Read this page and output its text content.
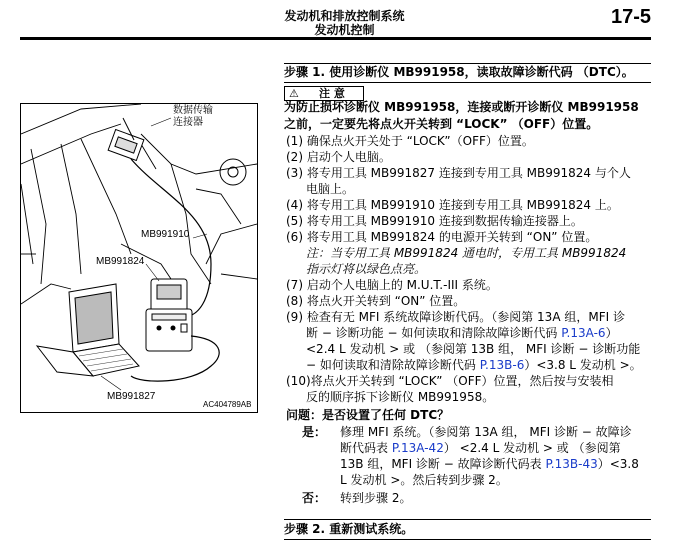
发动机和排放控制系统
发动机控制
17-5
数据传输
连接器
MB991910
MB991824
MB991827
AC404789AB
步骤 1. 使用诊断仪 MB991958，读取故障诊断代码 （DTC）。
⚠ 注 意
为防止损坏诊断仪 MB991958，连接或断开诊断仪 MB991958
之前，一定要先将点火开关转到 “LOCK” （OFF）位置。
(1) 确保点火开关处于 “LOCK”（OFF）位置。
(2) 启动个人电脑。
(3) 将专用工具 MB991827 连接到专用工具 MB991824 与个人
电脑上。
(4) 将专用工具 MB991910 连接到专用工具 MB991824 上。
(5) 将专用工具 MB991910 连接到数据传输连接器上。
(6) 将专用工具 MB991824 的电源开关转到 “ON” 位置。
注：当专用工具 MB991824 通电时，专用工具 MB991824
指示灯将以绿色点亮。
(7) 启动个人电脑上的 M.U.T.-III 系统。
(8) 将点火开关转到 “ON” 位置。
(9) 检查有无 MFI 系统故障诊断代码。（参阅第 13A 组，MFI 诊
断 − 诊断功能 − 如何读取和清除故障诊断代码 P.13A-6）
<2.4 L 发动机 > 或 （参阅第 13B 组， MFI 诊断 − 诊断功能
− 如何读取和清除故障诊断代码 P.13B-6）<3.8 L 发动机 >。
(10)将点火开关转到 “LOCK” （OFF）位置，然后按与安装相
反的顺序拆下诊断仪 MB991958。
问题：是否设置了任何 DTC？
是： 修理 MFI 系统。（参阅第 13A 组， MFI 诊断 − 故障诊
断代码表 P.13A-42） <2.4 L 发动机 > 或 （参阅第
13B 组，MFI 诊断 − 故障诊断代码表 P.13B-43）<3.8
L 发动机 >。然后转到步骤 2。
否： 转到步骤 2。
步骤 2. 重新测试系统。
